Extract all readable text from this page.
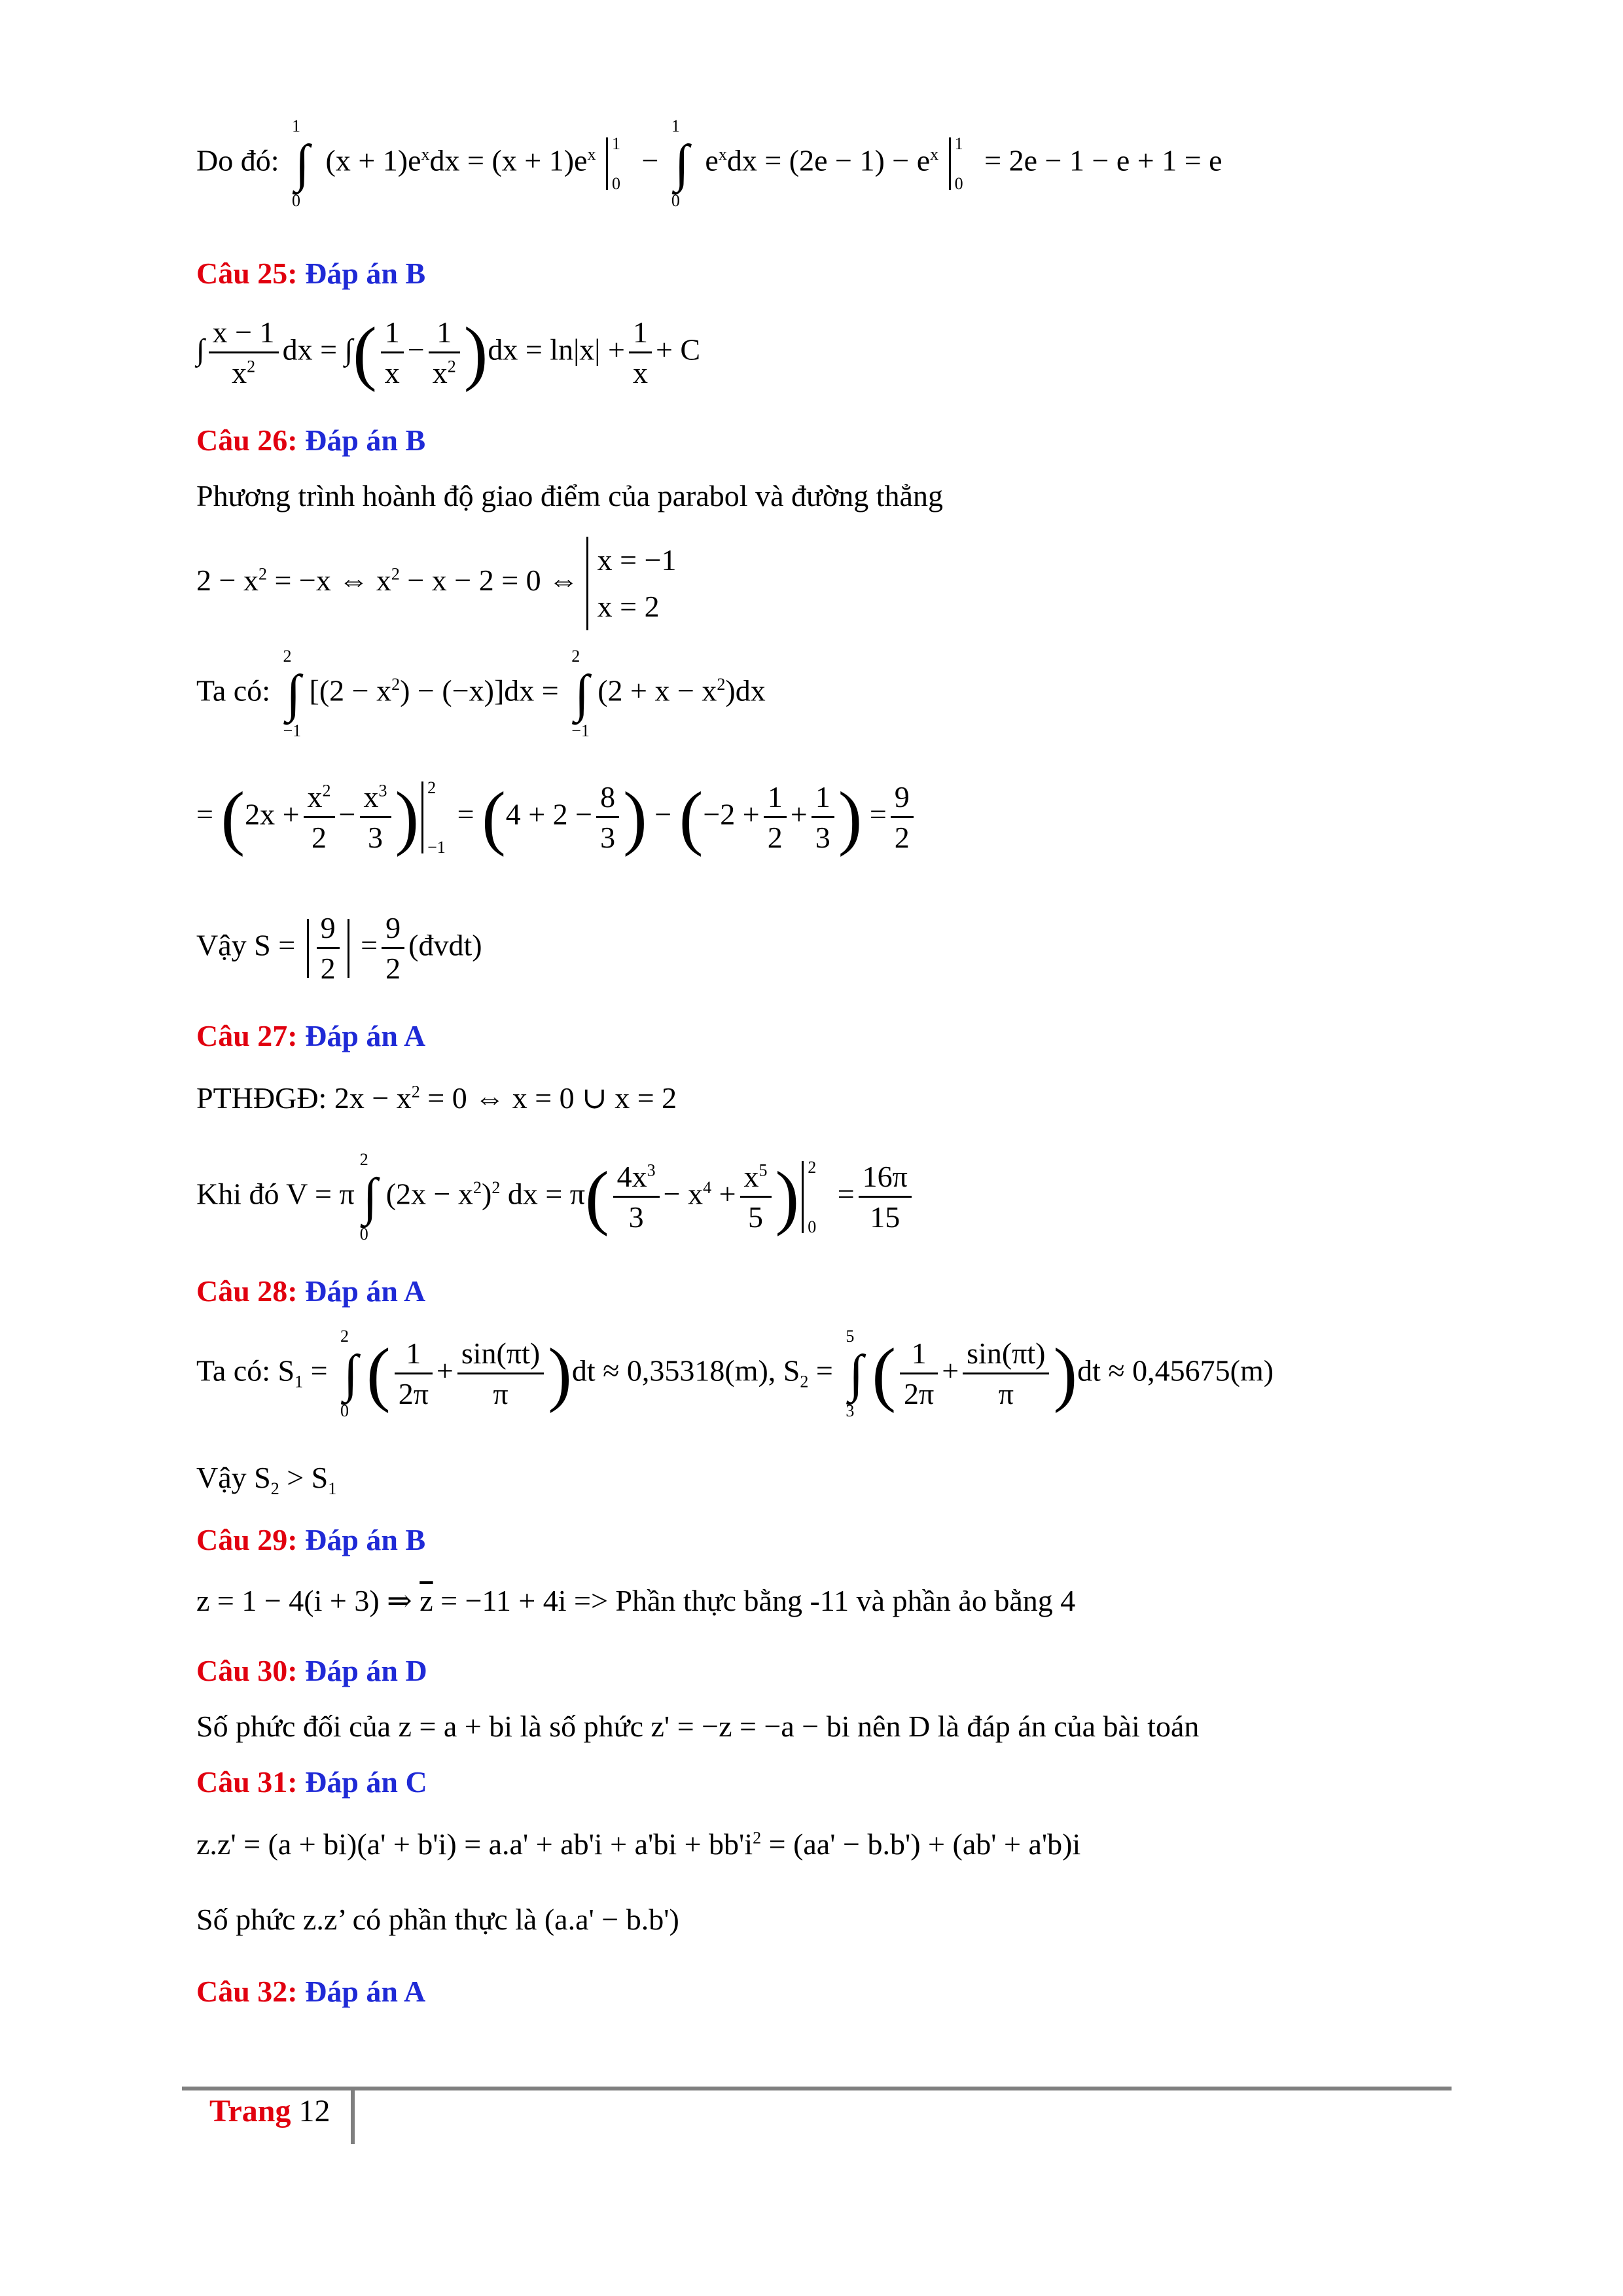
Do đó: ∫
1
0
$(x + 1)e^xdx = (x + 1)e^x$
1
0
− ∫
1
0
$e^xdx = (2e - 1) - e^x$
1
0
= 2e − 1 − e + 1 = e
Câu 25: Đáp án B
∫ $\frac{x - 1}{x^2}$ dx = ∫( $\frac{1}{x} - \frac{1}{x^2} )dx = \ln|x| + \frac{1}{x} + C$
Câu 26: Đáp án B
Phương trình hoành độ giao điểm của parabol và đường thẳng
$2 - x^2 = -x$ ⇔ $x^2 - x - 2 = 0$ ⇔
x = −1
x = 2
Ta có: ∫
2
−1
$[(2 - x^2) - (-x)]dx$ = ∫
2
−1
$(2 + x - x^2)dx$
= ($2x + \frac{x^2}{2} - \frac{x^3}{3}$ ) 2
−1
= ($4 + 2 - \frac{8}{3}$ ) − ($-2 + \frac{1}{2} + \frac{1}{3}$ ) = $\frac{9}{2}$
Vậy $S = \frac{9}{2} = \frac{9}{2}$ (đvdt)
Câu 27: Đáp án A
PTHĐGĐ: $2x - x^2 = 0$ ⇔ x = 0 ∪ x = 2
Khi đó V = π ∫
2
0
$(2x - x^2)^2$ dx = $\pi( \frac{4x^3}{3} - x^4 + \frac{x^5}{5}$ ) 2
0
= $\frac{16\pi}{15}$
Câu 28: Đáp án A
Ta có: $S_1$ = ∫
2
0 ( $\frac{1}{2\pi} + \frac{\sin(\pi t)}{\pi} )dt \approx 0,35318(m)$, $S_2$ = ∫
5
3 ( $\frac{1}{2\pi} + \frac{\sin(\pi t)}{\pi} )dt \approx 0,45675(m)$
Vậy $S_2 > S_1$
Câu 29: Đáp án B
z = 1 − 4(i + 3) ⇒ $\overline{z} = -11 + 4i$ => Phần thực bằng -11 và phần ảo bằng 4
Câu 30: Đáp án D
Số phức đối của z = a + bi là số phức z' = −z = −a − bi nên D là đáp án của bài toán
Câu 31: Đáp án C
$z.z' = (a + bi)(a' + b'i) = a.a' + ab'i + a'bi + bb'i^2 = (aa' - b.b') + (ab' + a'b)i$
Số phức z.z’ có phần thực là (a.a' − b.b')
Câu 32: Đáp án A
Trang 12
